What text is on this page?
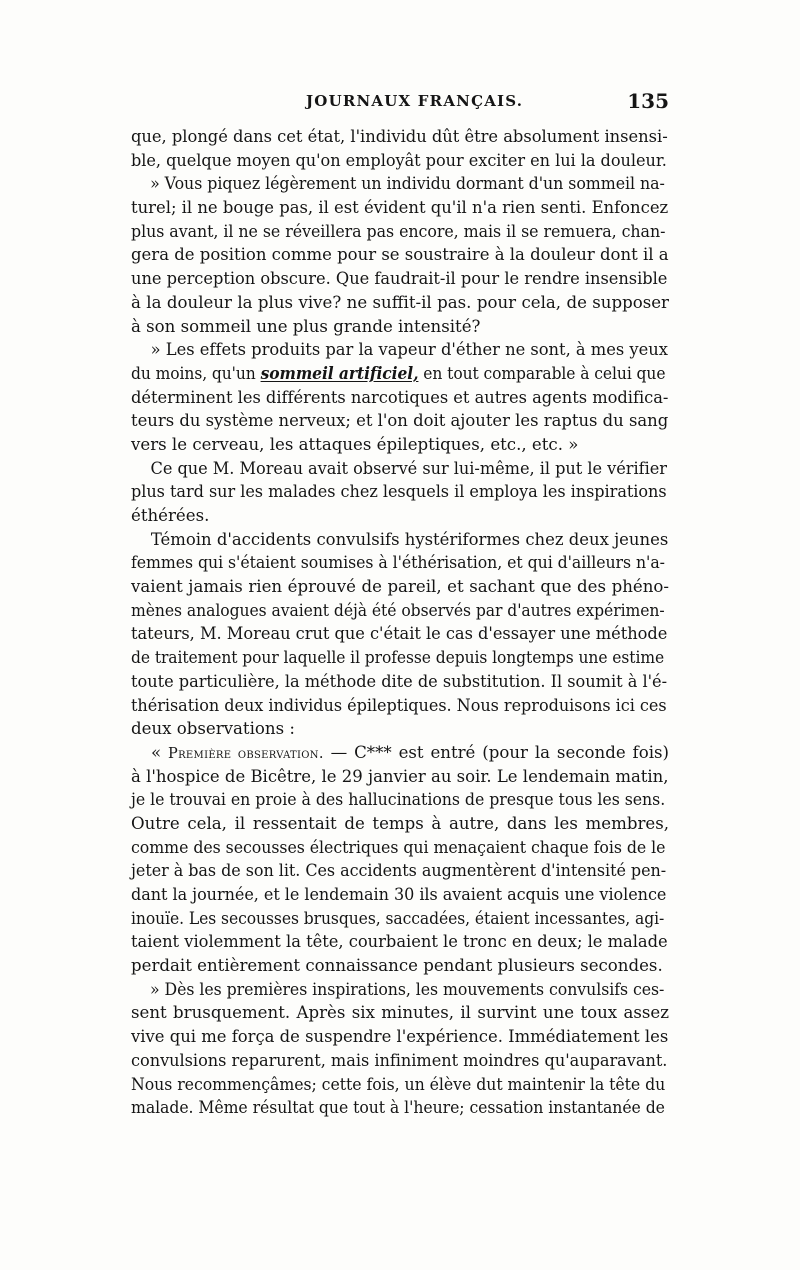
JOURNAUX FRANÇAIS.	135
que, plongé dans cet état, l'individu dût être absolument insensi-
ble, quelque moyen qu'on employât pour exciter en lui la douleur.
» Vous piquez légèrement un individu dormant d'un sommeil na-
turel; il ne bouge pas, il est évident qu'il n'a rien senti. Enfoncez
plus avant, il ne se réveillera pas encore, mais il se remuera, chan-
gera de position comme pour se soustraire à la douleur dont il a
une perception obscure. Que faudrait-il pour le rendre insensible
à la douleur la plus vive? ne suffit-il pas. pour cela, de supposer
à son sommeil une plus grande intensité?
» Les effets produits par la vapeur d'éther ne sont, à mes yeux
du moins, qu'un sommeil artificiel, en tout comparable à celui que
déterminent les différents narcotiques et autres agents modifica-
teurs du système nerveux; et l'on doit ajouter les raptus du sang
vers le cerveau, les attaques épileptiques, etc., etc. »
Ce que M. Moreau avait observé sur lui-même, il put le vérifier
plus tard sur les malades chez lesquels il employa les inspirations
éthérées.
Témoin d'accidents convulsifs hystériformes chez deux jeunes
femmes qui s'étaient soumises à l'éthérisation, et qui d'ailleurs n'a-
vaient jamais rien éprouvé de pareil, et sachant que des phéno-
mènes analogues avaient déjà été observés par d'autres expérimen-
tateurs, M. Moreau crut que c'était le cas d'essayer une méthode
de traitement pour laquelle il professe depuis longtemps une estime
toute particulière, la méthode dite de substitution. Il soumit à l'é-
thérisation deux individus épileptiques. Nous reproduisons ici ces
deux observations :
« Première observation. — C*** est entré (pour la seconde fois)
à l'hospice de Bicêtre, le 29 janvier au soir. Le lendemain matin,
je le trouvai en proie à des hallucinations de presque tous les sens.
Outre cela, il ressentait de temps à autre, dans les membres,
comme des secousses électriques qui menaçaient chaque fois de le
jeter à bas de son lit. Ces accidents augmentèrent d'intensité pen-
dant la journée, et le lendemain 30 ils avaient acquis une violence
inouïe. Les secousses brusques, saccadées, étaient incessantes, agi-
taient violemment la tête, courbaient le tronc en deux; le malade
perdait entièrement connaissance pendant plusieurs secondes.
» Dès les premières inspirations, les mouvements convulsifs ces-
sent brusquement. Après six minutes, il survint une toux assez
vive qui me força de suspendre l'expérience. Immédiatement les
convulsions reparurent, mais infiniment moindres qu'auparavant.
Nous recommençâmes; cette fois, un élève dut maintenir la tête du
malade. Même résultat que tout à l'heure; cessation instantanée de
